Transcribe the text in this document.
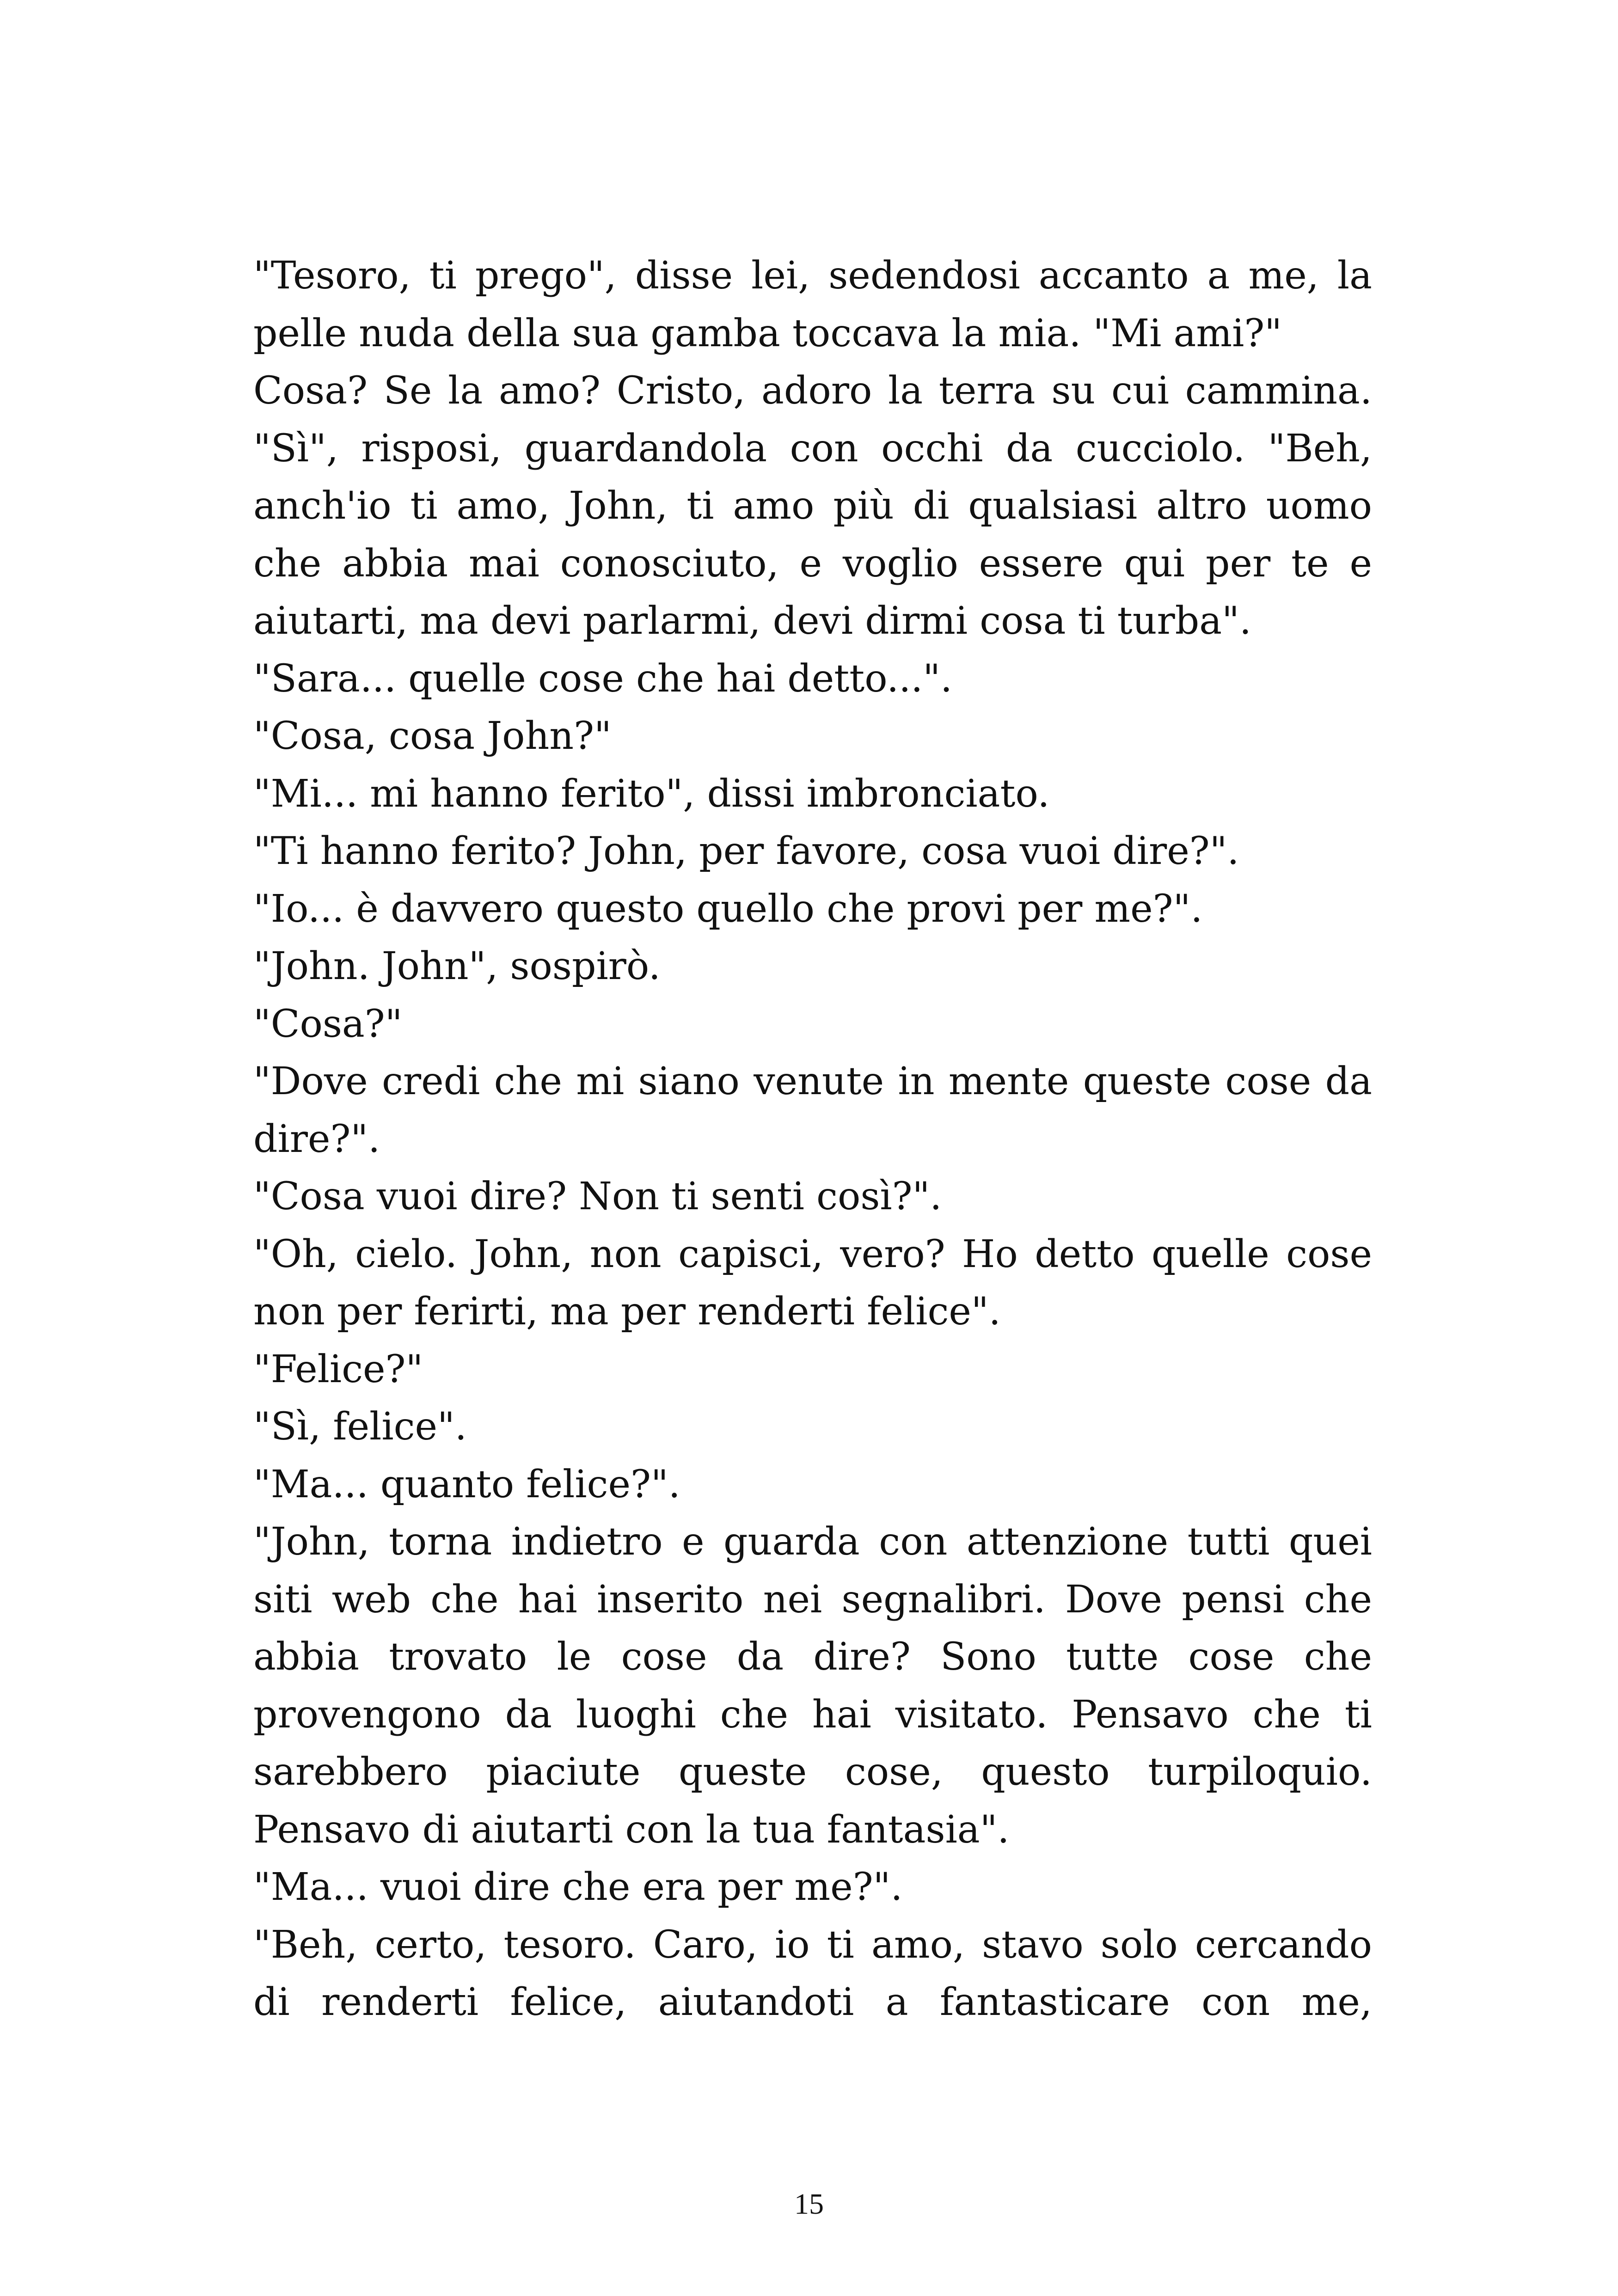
"Tesoro, ti prego", disse lei, sedendosi accanto a me, la pelle nuda della sua gamba toccava la mia. "Mi ami?"

Cosa? Se la amo? Cristo, adoro la terra su cui cammina. "Sì", risposi, guardandola con occhi da cucciolo. "Beh, anch'io ti amo, John, ti amo più di qualsiasi altro uomo che abbia mai conosciuto, e voglio essere qui per te e aiutarti, ma devi parlarmi, devi dirmi cosa ti turba".

"Sara... quelle cose che hai detto...".

"Cosa, cosa John?"

"Mi... mi hanno ferito", dissi imbronciato.

"Ti hanno ferito? John, per favore, cosa vuoi dire?".

"Io... è davvero questo quello che provi per me?".

"John. John", sospirò.

"Cosa?"

"Dove credi che mi siano venute in mente queste cose da dire?".

"Cosa vuoi dire? Non ti senti così?".

"Oh, cielo. John, non capisci, vero? Ho detto quelle cose non per ferirti, ma per renderti felice".

"Felice?"

"Sì, felice".

"Ma... quanto felice?".

"John, torna indietro e guarda con attenzione tutti quei siti web che hai inserito nei segnalibri. Dove pensi che abbia trovato le cose da dire? Sono tutte cose che provengono da luoghi che hai visitato. Pensavo che ti sarebbero piaciute queste cose, questo turpiloquio. Pensavo di aiutarti con la tua fantasia".

"Ma... vuoi dire che era per me?".

"Beh, certo, tesoro. Caro, io ti amo, stavo solo cercando di renderti felice, aiutandoti a fantasticare con me,

15
